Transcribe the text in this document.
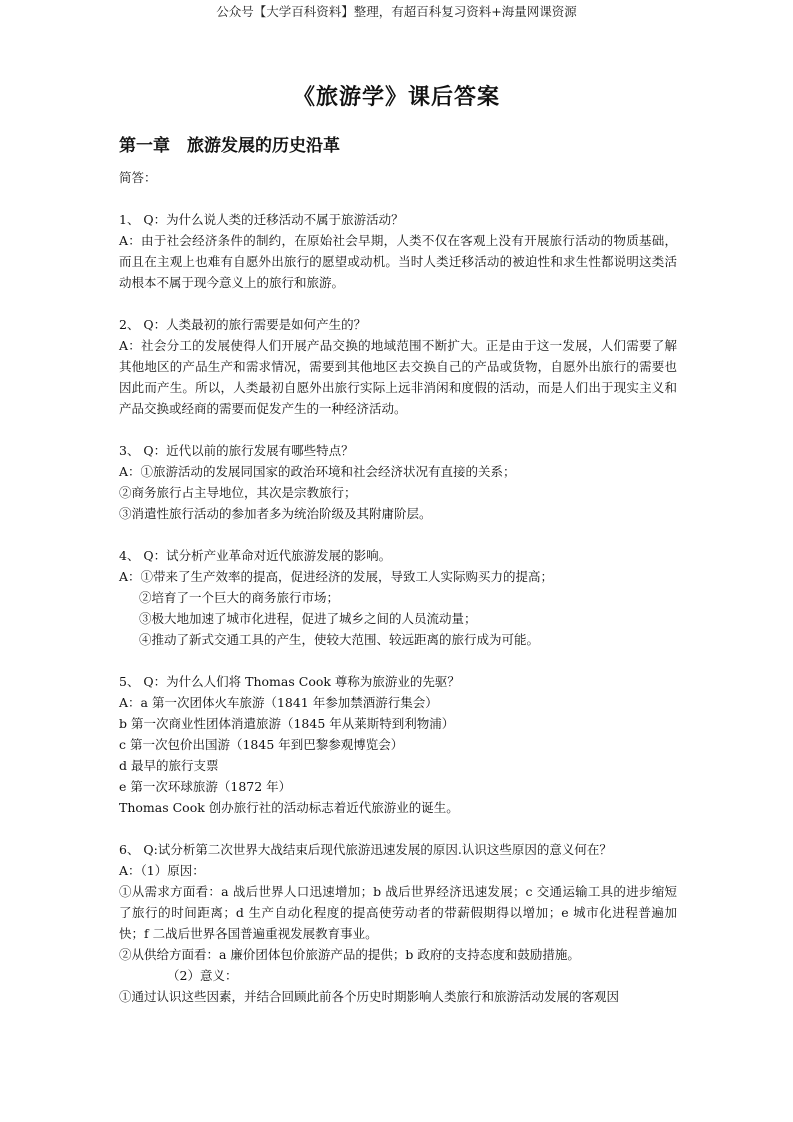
公众号【大学百科资料】整理，有超百科复习资料+海量网课资源
《旅游学》课后答案
第一章　旅游发展的历史沿革
简答：
1、 Q：为什么说人类的迁移活动不属于旅游活动？
A：由于社会经济条件的制约，在原始社会早期，人类不仅在客观上没有开展旅行活动的物质基础，而且在主观上也难有自愿外出旅行的愿望或动机。当时人类迁移活动的被迫性和求生性都说明这类活动根本不属于现今意义上的旅行和旅游。
2、 Q：人类最初的旅行需要是如何产生的？
A：社会分工的发展使得人们开展产品交换的地域范围不断扩大。正是由于这一发展，人们需要了解其他地区的产品生产和需求情况，需要到其他地区去交换自己的产品或货物，自愿外出旅行的需要也因此而产生。所以，人类最初自愿外出旅行实际上远非消闲和度假的活动，而是人们出于现实主义和产品交换或经商的需要而促发产生的一种经济活动。
3、 Q：近代以前的旅行发展有哪些特点？
A：①旅游活动的发展同国家的政治环境和社会经济状况有直接的关系；
②商务旅行占主导地位，其次是宗教旅行；
③消遣性旅行活动的参加者多为统治阶级及其附庸阶层。
4、 Q：试分析产业革命对近代旅游发展的影响。
A：①带来了生产效率的提高，促进经济的发展，导致工人实际购买力的提高；
②培育了一个巨大的商务旅行市场；
③极大地加速了城市化进程，促进了城乡之间的人员流动量；
④推动了新式交通工具的产生，使较大范围、较远距离的旅行成为可能。
5、 Q：为什么人们将 Thomas Cook 尊称为旅游业的先驱？
A：a 第一次团体火车旅游（1841 年参加禁酒游行集会）
b 第一次商业性团体消遣旅游（1845 年从莱斯特到利物浦）
c 第一次包价出国游（1845 年到巴黎参观博览会）
d 最早的旅行支票
e 第一次环球旅游（1872 年）
Thomas Cook 创办旅行社的活动标志着近代旅游业的诞生。
6、 Q:试分析第二次世界大战结束后现代旅游迅速发展的原因.认识这些原因的意义何在？
A：（1）原因：
①从需求方面看：a 战后世界人口迅速增加；b 战后世界经济迅速发展；c 交通运输工具的进步缩短了旅行的时间距离；d 生产自动化程度的提高使劳动者的带薪假期得以增加；e 城市化进程普遍加快；f 二战后世界各国普遍重视发展教育事业。
②从供给方面看：a 廉价团体包价旅游产品的提供；b 政府的支持态度和鼓励措施。
（2）意义：
①通过认识这些因素，并结合回顾此前各个历史时期影响人类旅行和旅游活动发展的客观因
